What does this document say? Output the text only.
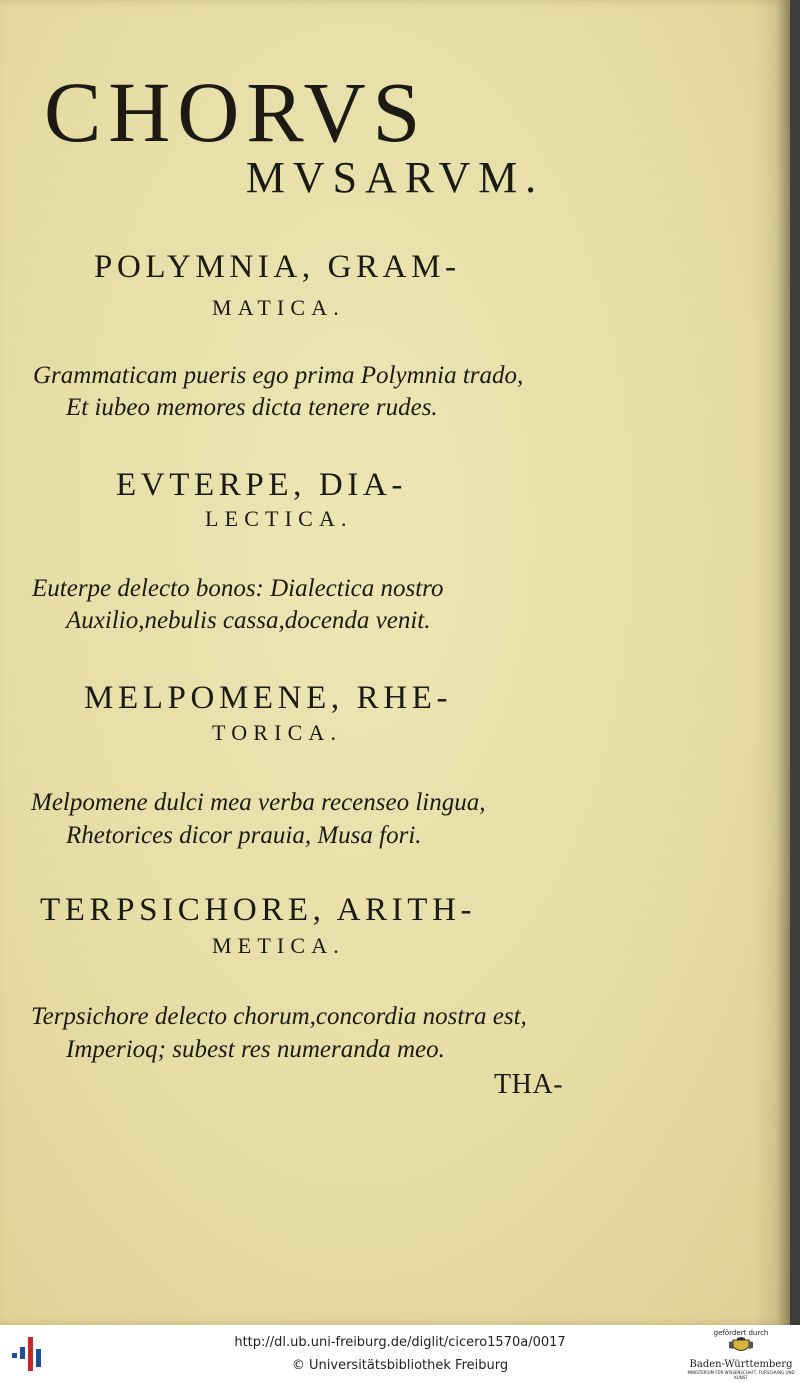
CHORVS
MVSARVM.
POLYMNIA, GRAM-
MATICA.
Grammaticam pueris ego prima Polymnia trado,
Et iubeo memores dicta tenere rudes.
EVTERPE, DIA-
LECTICA.
Euterpe delecto bonos: Dialectica nostro
Auxilio,nebulis cassa,docenda venit.
MELPOMENE, RHE-
TORICA.
Melpomene dulci mea verba recenseo lingua,
Rhetorices dicor prauia, Musa fori.
TERPSICHORE, ARITH-
METICA.
Terpsichore delecto chorum,concordia nostra est,
Imperioq; subest res numeranda meo.
THA-
http://dl.ub.uni-freiburg.de/diglit/cicero1570a/0017
© Universitätsbibliothek Freiburg
gefördert durch
Baden-Württemberg
MINISTERIUM FÜR WISSENSCHAFT, FORSCHUNG UND KUNST
